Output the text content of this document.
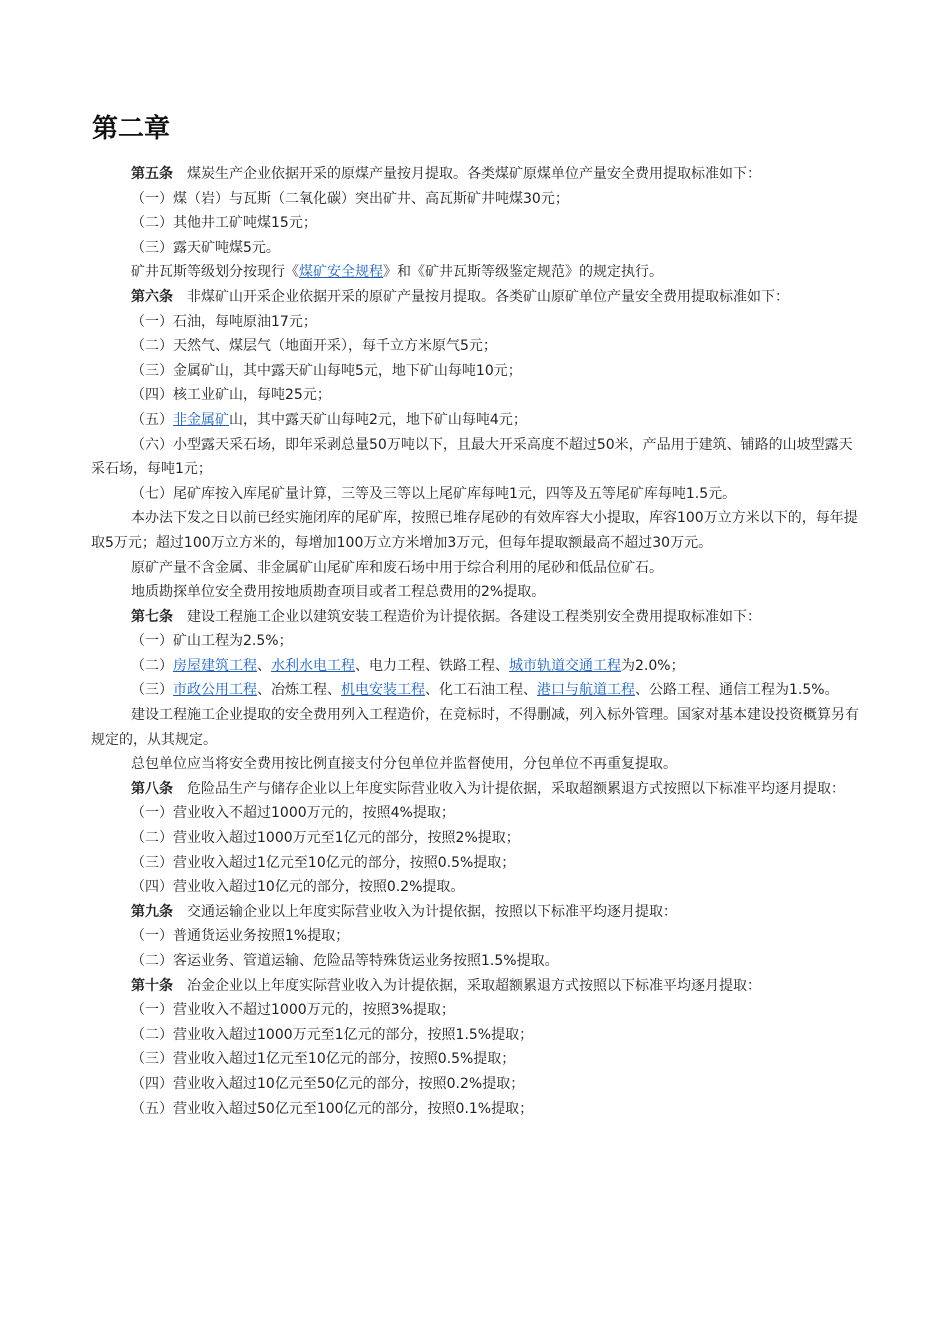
第二章

第五条 煤炭生产企业依据开采的原煤产量按月提取。各类煤矿原煤单位产量安全费用提取标准如下：

（一）煤（岩）与瓦斯（二氧化碳）突出矿井、高瓦斯矿井吨煤30元；

（二）其他井工矿吨煤15元；

（三）露天矿吨煤5元。

矿井瓦斯等级划分按现行《煤矿安全规程》和《矿井瓦斯等级鉴定规范》的规定执行。

第六条 非煤矿山开采企业依据开采的原矿产量按月提取。各类矿山原矿单位产量安全费用提取标准如下：

（一）石油，每吨原油17元；

（二）天然气、煤层气（地面开采），每千立方米原气5元；

（三）金属矿山，其中露天矿山每吨5元，地下矿山每吨10元；

（四）核工业矿山，每吨25元；

（五）非金属矿山，其中露天矿山每吨2元，地下矿山每吨4元；

（六）小型露天采石场，即年采剥总量50万吨以下，且最大开采高度不超过50米，产品用于建筑、铺路的山坡型露天采石场，每吨1元；

（七）尾矿库按入库尾矿量计算，三等及三等以上尾矿库每吨1元，四等及五等尾矿库每吨1.5元。

本办法下发之日以前已经实施闭库的尾矿库，按照已堆存尾砂的有效库容大小提取，库容100万立方米以下的，每年提取5万元；超过100万立方米的，每增加100万立方米增加3万元，但每年提取额最高不超过30万元。

原矿产量不含金属、非金属矿山尾矿库和废石场中用于综合利用的尾砂和低品位矿石。

地质勘探单位安全费用按地质勘查项目或者工程总费用的2%提取。

第七条 建设工程施工企业以建筑安装工程造价为计提依据。各建设工程类别安全费用提取标准如下：

（一）矿山工程为2.5%；

（二）房屋建筑工程、水利水电工程、电力工程、铁路工程、城市轨道交通工程为2.0%；

（三）市政公用工程、冶炼工程、机电安装工程、化工石油工程、港口与航道工程、公路工程、通信工程为1.5%。

建设工程施工企业提取的安全费用列入工程造价，在竞标时，不得删减，列入标外管理。国家对基本建设投资概算另有规定的，从其规定。

总包单位应当将安全费用按比例直接支付分包单位并监督使用，分包单位不再重复提取。

第八条 危险品生产与储存企业以上年度实际营业收入为计提依据，采取超额累退方式按照以下标准平均逐月提取：

（一）营业收入不超过1000万元的，按照4%提取；

（二）营业收入超过1000万元至1亿元的部分，按照2%提取；

（三）营业收入超过1亿元至10亿元的部分，按照0.5%提取；

（四）营业收入超过10亿元的部分，按照0.2%提取。

第九条 交通运输企业以上年度实际营业收入为计提依据，按照以下标准平均逐月提取：

（一）普通货运业务按照1%提取；

（二）客运业务、管道运输、危险品等特殊货运业务按照1.5%提取。

第十条 冶金企业以上年度实际营业收入为计提依据，采取超额累退方式按照以下标准平均逐月提取：

（一）营业收入不超过1000万元的，按照3%提取；

（二）营业收入超过1000万元至1亿元的部分，按照1.5%提取；

（三）营业收入超过1亿元至10亿元的部分，按照0.5%提取；

（四）营业收入超过10亿元至50亿元的部分，按照0.2%提取；

（五）营业收入超过50亿元至100亿元的部分，按照0.1%提取；
